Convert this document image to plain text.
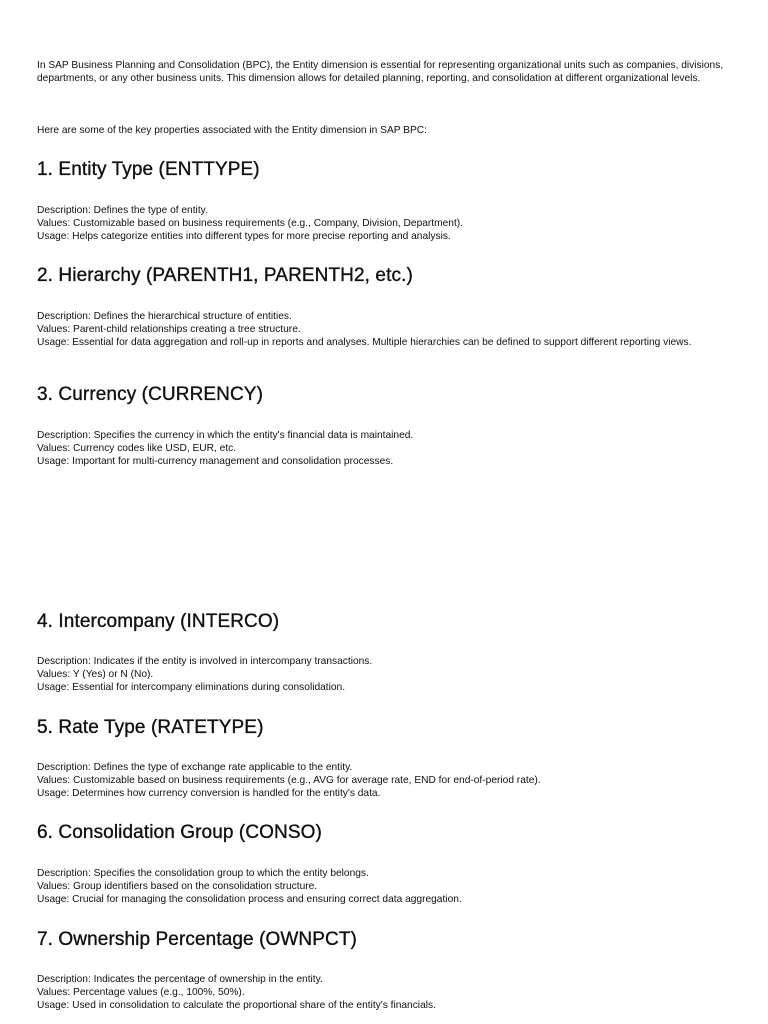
In SAP Business Planning and Consolidation (BPC), the Entity dimension is essential for representing organizational units such as companies, divisions, departments, or any other business units. This dimension allows for detailed planning, reporting, and consolidation at different organizational levels.

Here are some of the key properties associated with the Entity dimension in SAP BPC:

1. Entity Type (ENTTYPE)
Description: Defines the type of entity.
Values: Customizable based on business requirements (e.g., Company, Division, Department).
Usage: Helps categorize entities into different types for more precise reporting and analysis.
2. Hierarchy (PARENTH1, PARENTH2, etc.)
Description: Defines the hierarchical structure of entities.
Values: Parent-child relationships creating a tree structure.
Usage: Essential for data aggregation and roll-up in reports and analyses. Multiple hierarchies can be defined to support different reporting views.
3. Currency (CURRENCY)
Description: Specifies the currency in which the entity's financial data is maintained.
Values: Currency codes like USD, EUR, etc.
Usage: Important for multi-currency management and consolidation processes.
4. Intercompany (INTERCO)
Description: Indicates if the entity is involved in intercompany transactions.
Values: Y (Yes) or N (No).
Usage: Essential for intercompany eliminations during consolidation.
5. Rate Type (RATETYPE)
Description: Defines the type of exchange rate applicable to the entity.
Values: Customizable based on business requirements (e.g., AVG for average rate, END for end-of-period rate).
Usage: Determines how currency conversion is handled for the entity's data.
6. Consolidation Group (CONSO)
Description: Specifies the consolidation group to which the entity belongs.
Values: Group identifiers based on the consolidation structure.
Usage: Crucial for managing the consolidation process and ensuring correct data aggregation.
7. Ownership Percentage (OWNPCT)
Description: Indicates the percentage of ownership in the entity.
Values: Percentage values (e.g., 100%, 50%).
Usage: Used in consolidation to calculate the proportional share of the entity's financials.
